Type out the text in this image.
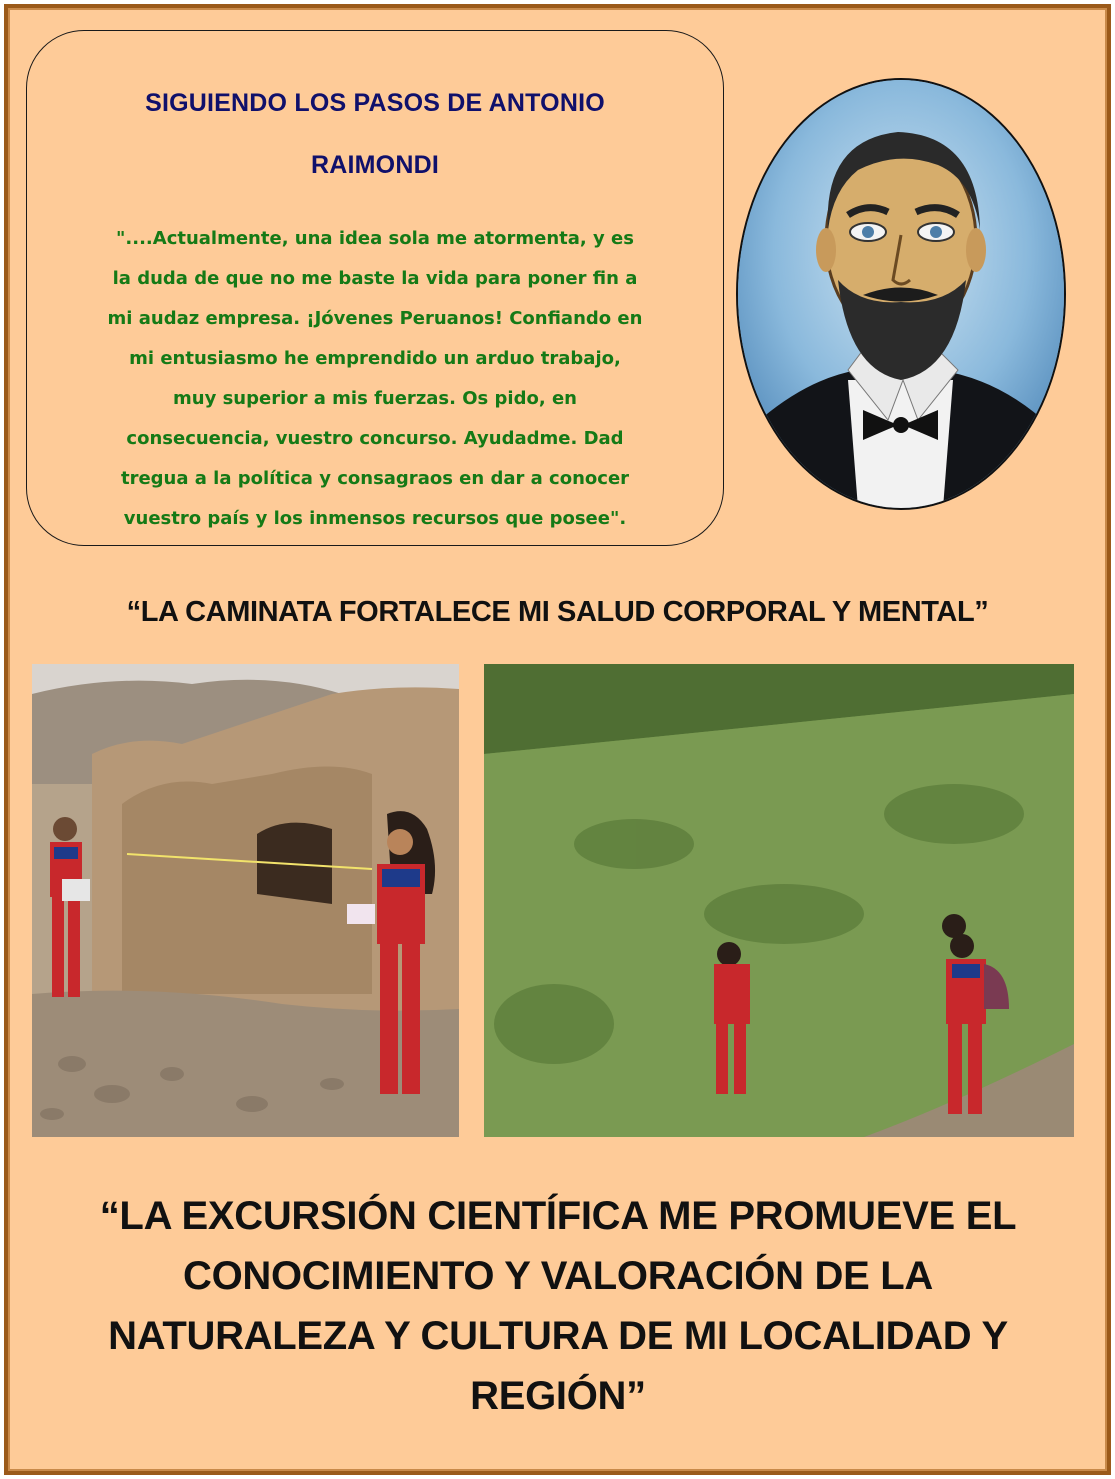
SIGUIENDO LOS PASOS DE ANTONIO
RAIMONDI
"....Actualmente, una idea sola me atormenta, y es
la duda de que no me baste la vida para poner fin a
mi audaz empresa. ¡Jóvenes Peruanos! Confiando en
mi entusiasmo he emprendido un arduo trabajo,
muy superior a mis fuerzas. Os pido, en
consecuencia, vuestro concurso. Ayudadme. Dad
tregua a la política y consagraos en dar a conocer
vuestro país y los inmensos recursos que posee".
“LA CAMINATA FORTALECE MI SALUD CORPORAL Y MENTAL”
“LA EXCURSIÓN CIENTÍFICA ME PROMUEVE EL
CONOCIMIENTO Y VALORACIÓN DE LA
NATURALEZA Y CULTURA DE MI LOCALIDAD Y
REGIÓN”
